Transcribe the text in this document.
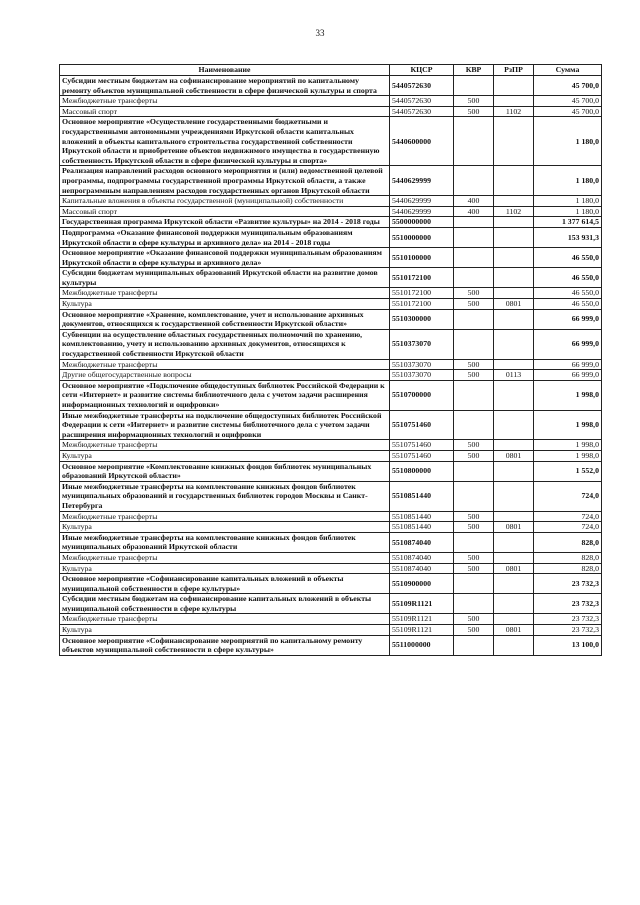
33
Наименование	КЦСР	КВР	РзПР	Сумма
Субсидии местным бюджетам на софинансирование мероприятий по капитальному ремонту объектов муниципальной собственности в сфере физической культуры и спорта	5440572630			45 700,0
Межбюджетные трансферты	5440572630	500		45 700,0
Массовый спорт	5440572630	500	1102	45 700,0
Основное мероприятие «Осуществление государственными бюджетными и государственными автономными учреждениями Иркутской области капитальных вложений в объекты капитального строительства государственной собственности Иркутской области и приобретение объектов недвижимого имущества в государственную собственность Иркутской области в сфере физической культуры и спорта»	5440600000			1 180,0
Реализация направлений расходов основного мероприятия и (или) ведомственной целевой программы, подпрограммы государственной программы Иркутской области, а также непрограммным направлениям расходов государственных органов Иркутской области	5440629999			1 180,0
Капитальные вложения в объекты государственной (муниципальной) собственности	5440629999	400		1 180,0
Массовый спорт	5440629999	400	1102	1 180,0
Государственная программа Иркутской области «Развитие культуры» на 2014 - 2018 годы	5500000000			1 377 614,5
Подпрограмма «Оказание финансовой поддержки муниципальным образованиям Иркутской области в сфере культуры и архивного дела» на 2014 - 2018 годы	5510000000			153 931,3
Основное мероприятие «Оказание финансовой поддержки муниципальным образованиям Иркутской области в сфере культуры и архивного дела»	5510100000			46 550,0
Субсидии бюджетам муниципальных образований Иркутской области на развитие домов культуры	5510172100			46 550,0
Межбюджетные трансферты	5510172100	500		46 550,0
Культура	5510172100	500	0801	46 550,0
Основное мероприятие «Хранение, комплектование, учет и использование архивных документов, относящихся к государственной собственности Иркутской области»	5510300000			66 999,0
Субвенции на осуществление областных государственных полномочий по хранению, комплектованию, учету и использованию архивных документов, относящихся к государственной собственности Иркутской области	5510373070			66 999,0
Межбюджетные трансферты	5510373070	500		66 999,0
Другие общегосударственные вопросы	5510373070	500	0113	66 999,0
Основное мероприятие «Подключение общедоступных библиотек Российской Федерации к сети «Интернет» и развитие системы библиотечного дела с учетом задачи расширения информационных технологий и оцифровки»	5510700000			1 998,0
Иные межбюджетные трансферты на подключение общедоступных библиотек Российской Федерации к сети «Интернет» и развитие системы библиотечного дела с учетом задачи расширения информационных технологий и оцифровки	5510751460			1 998,0
Межбюджетные трансферты	5510751460	500		1 998,0
Культура	5510751460	500	0801	1 998,0
Основное мероприятие «Комплектование книжных фондов библиотек муниципальных образований Иркутской области»	5510800000			1 552,0
Иные межбюджетные трансферты на комплектование книжных фондов библиотек муниципальных образований и государственных библиотек городов Москвы и Санкт-Петербурга	5510851440			724,0
Межбюджетные трансферты	5510851440	500		724,0
Культура	5510851440	500	0801	724,0
Иные межбюджетные трансферты на комплектование книжных фондов библиотек муниципальных образований Иркутской области	5510874040			828,0
Межбюджетные трансферты	5510874040	500		828,0
Культура	5510874040	500	0801	828,0
Основное мероприятие «Софинансирование капитальных вложений в объекты муниципальной собственности в сфере культуры»	5510900000			23 732,3
Субсидии местным бюджетам на софинансирование капитальных вложений в объекты муниципальной собственности в сфере культуры	55109R1121			23 732,3
Межбюджетные трансферты	55109R1121	500		23 732,3
Культура	55109R1121	500	0801	23 732,3
Основное мероприятие «Софинансирование мероприятий по капитальному ремонту объектов муниципальной собственности в сфере культуры»	5511000000			13 100,0
